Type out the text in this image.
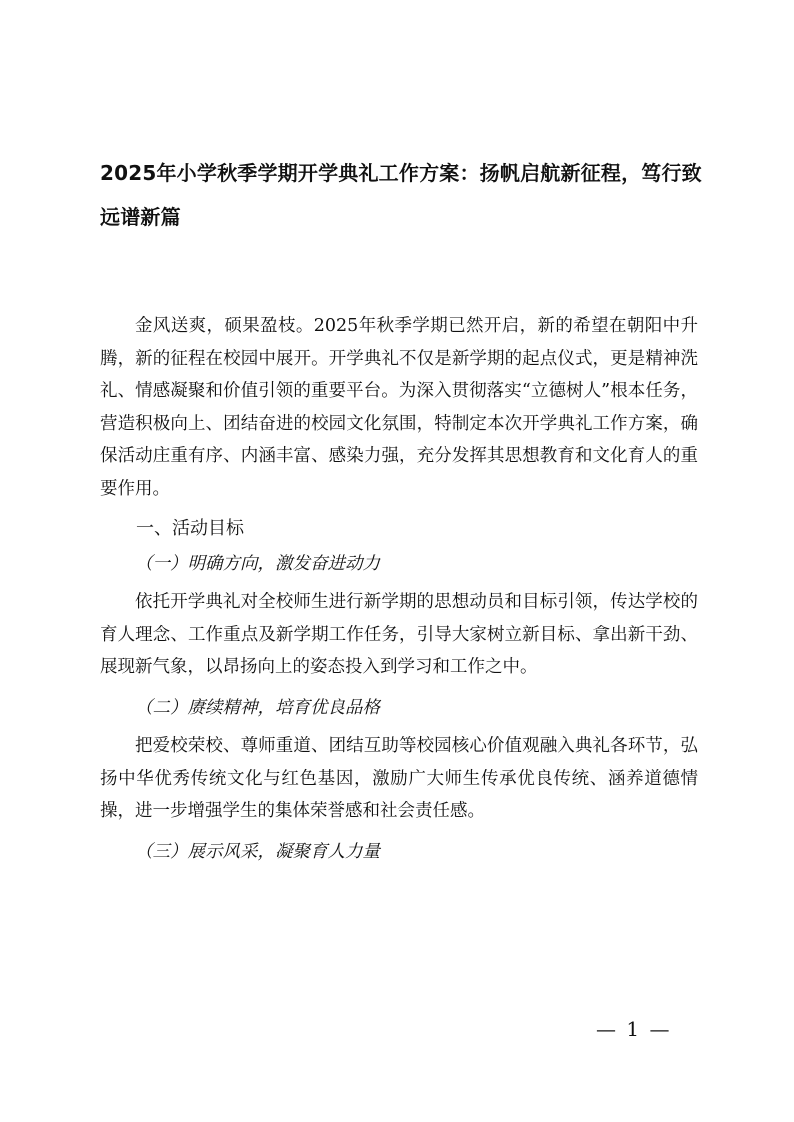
2025年小学秋季学期开学典礼工作方案：扬帆启航新征程，笃行致远谱新篇

金风送爽，硕果盈枝。2025年秋季学期已然开启，新的希望在朝阳中升腾，新的征程在校园中展开。开学典礼不仅是新学期的起点仪式，更是精神洗礼、情感凝聚和价值引领的重要平台。为深入贯彻落实“立德树人”根本任务，营造积极向上、团结奋进的校园文化氛围，特制定本次开学典礼工作方案，确保活动庄重有序、内涵丰富、感染力强，充分发挥其思想教育和文化育人的重要作用。

一、活动目标

（一）明确方向，激发奋进动力

依托开学典礼对全校师生进行新学期的思想动员和目标引领，传达学校的育人理念、工作重点及新学期工作任务，引导大家树立新目标、拿出新干劲、展现新气象，以昂扬向上的姿态投入到学习和工作之中。

（二）赓续精神，培育优良品格

把爱校荣校、尊师重道、团结互助等校园核心价值观融入典礼各环节，弘扬中华优秀传统文化与红色基因，激励广大师生传承优良传统、涵养道德情操，进一步增强学生的集体荣誉感和社会责任感。

（三）展示风采，凝聚育人力量

— 1 —
